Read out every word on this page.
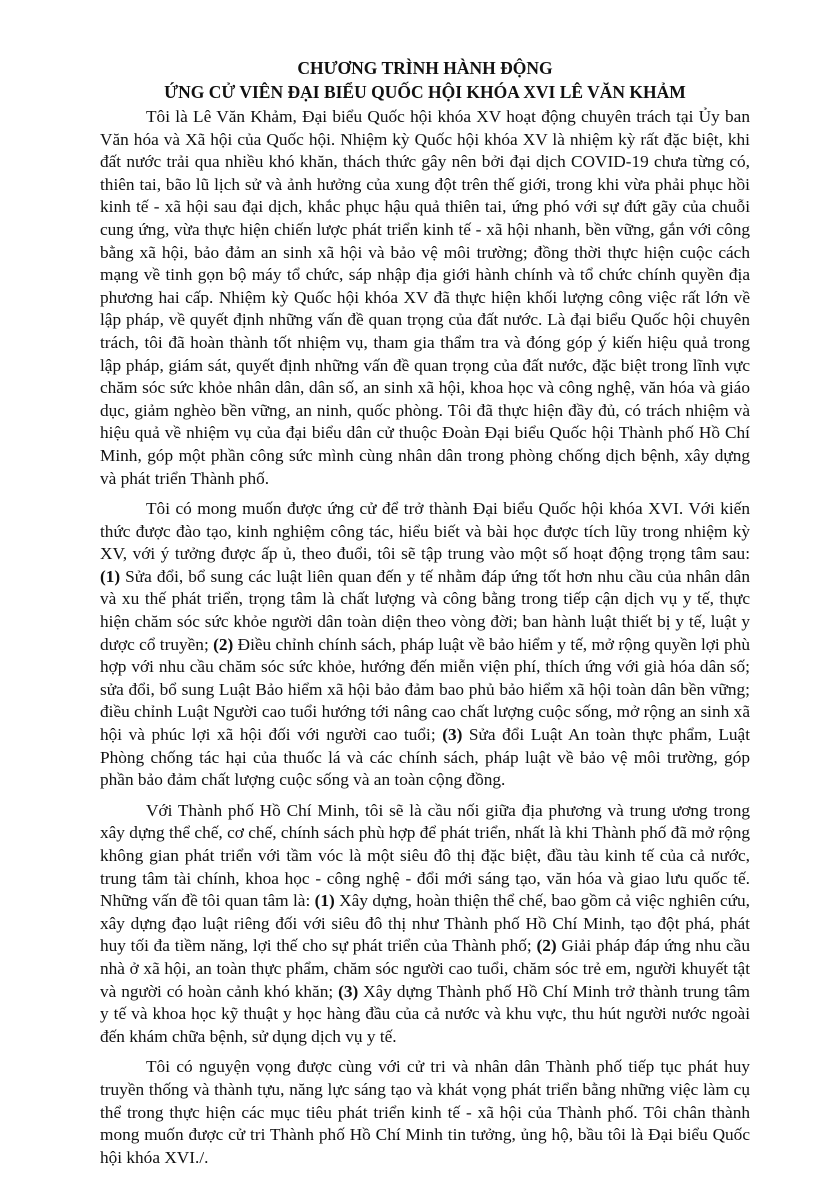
CHƯƠNG TRÌNH HÀNH ĐỘNG

ỨNG CỬ VIÊN ĐẠI BIỂU QUỐC HỘI KHÓA XVI LÊ VĂN KHẢM

Tôi là Lê Văn Khảm, Đại biểu Quốc hội khóa XV hoạt động chuyên trách tại Ủy ban Văn hóa và Xã hội của Quốc hội. Nhiệm kỳ Quốc hội khóa XV là nhiệm kỳ rất đặc biệt, khi đất nước trải qua nhiều khó khăn, thách thức gây nên bởi đại dịch COVID-19 chưa từng có, thiên tai, bão lũ lịch sử và ảnh hưởng của xung đột trên thế giới, trong khi vừa phải phục hồi kinh tế - xã hội sau đại dịch, khắc phục hậu quả thiên tai, ứng phó với sự đứt gãy của chuỗi cung ứng, vừa thực hiện chiến lược phát triển kinh tế - xã hội nhanh, bền vững, gắn với công bằng xã hội, bảo đảm an sinh xã hội và bảo vệ môi trường; đồng thời thực hiện cuộc cách mạng về tinh gọn bộ máy tổ chức, sáp nhập địa giới hành chính và tổ chức chính quyền địa phương hai cấp. Nhiệm kỳ Quốc hội khóa XV đã thực hiện khối lượng công việc rất lớn về lập pháp, về quyết định những vấn đề quan trọng của đất nước. Là đại biểu Quốc hội chuyên trách, tôi đã hoàn thành tốt nhiệm vụ, tham gia thẩm tra và đóng góp ý kiến hiệu quả trong lập pháp, giám sát, quyết định những vấn đề quan trọng của đất nước, đặc biệt trong lĩnh vực chăm sóc sức khỏe nhân dân, dân số, an sinh xã hội, khoa học và công nghệ, văn hóa và giáo dục, giảm nghèo bền vững, an ninh, quốc phòng. Tôi đã thực hiện đầy đủ, có trách nhiệm và hiệu quả về nhiệm vụ của đại biểu dân cử thuộc Đoàn Đại biểu Quốc hội Thành phố Hồ Chí Minh, góp một phần công sức mình cùng nhân dân trong phòng chống dịch bệnh, xây dựng và phát triển Thành phố.

Tôi có mong muốn được ứng cử để trở thành Đại biểu Quốc hội khóa XVI. Với kiến thức được đào tạo, kinh nghiệm công tác, hiểu biết và bài học được tích lũy trong nhiệm kỳ XV, với ý tưởng được ấp ủ, theo đuổi, tôi sẽ tập trung vào một số hoạt động trọng tâm sau: (1) Sửa đổi, bổ sung các luật liên quan đến y tế nhằm đáp ứng tốt hơn nhu cầu của nhân dân và xu thế phát triển, trọng tâm là chất lượng và công bằng trong tiếp cận dịch vụ y tế, thực hiện chăm sóc sức khỏe người dân toàn diện theo vòng đời; ban hành luật thiết bị y tế, luật y dược cổ truyền; (2) Điều chỉnh chính sách, pháp luật về bảo hiểm y tế, mở rộng quyền lợi phù hợp với nhu cầu chăm sóc sức khỏe, hướng đến miễn viện phí, thích ứng với già hóa dân số; sửa đổi, bổ sung Luật Bảo hiểm xã hội bảo đảm bao phủ bảo hiểm xã hội toàn dân bền vững; điều chỉnh Luật Người cao tuổi hướng tới nâng cao chất lượng cuộc sống, mở rộng an sinh xã hội và phúc lợi xã hội đối với người cao tuổi; (3) Sửa đổi Luật An toàn thực phẩm, Luật Phòng chống tác hại của thuốc lá và các chính sách, pháp luật về bảo vệ môi trường, góp phần bảo đảm chất lượng cuộc sống và an toàn cộng đồng.

Với Thành phố Hồ Chí Minh, tôi sẽ là cầu nối giữa địa phương và trung ương trong xây dựng thể chế, cơ chế, chính sách phù hợp để phát triển, nhất là khi Thành phố đã mở rộng không gian phát triển với tầm vóc là một siêu đô thị đặc biệt, đầu tàu kinh tế của cả nước, trung tâm tài chính, khoa học - công nghệ - đổi mới sáng tạo, văn hóa và giao lưu quốc tế. Những vấn đề tôi quan tâm là: (1) Xây dựng, hoàn thiện thể chế, bao gồm cả việc nghiên cứu, xây dựng đạo luật riêng đối với siêu đô thị như Thành phố Hồ Chí Minh, tạo đột phá, phát huy tối đa tiềm năng, lợi thế cho sự phát triển của Thành phố; (2) Giải pháp đáp ứng nhu cầu nhà ở xã hội, an toàn thực phẩm, chăm sóc người cao tuổi, chăm sóc trẻ em, người khuyết tật và người có hoàn cảnh khó khăn; (3) Xây dựng Thành phố Hồ Chí Minh trở thành trung tâm y tế và khoa học kỹ thuật y học hàng đầu của cả nước và khu vực, thu hút người nước ngoài đến khám chữa bệnh, sử dụng dịch vụ y tế.

Tôi có nguyện vọng được cùng với cử tri và nhân dân Thành phố tiếp tục phát huy truyền thống và thành tựu, năng lực sáng tạo và khát vọng phát triển bằng những việc làm cụ thể trong thực hiện các mục tiêu phát triển kinh tế - xã hội của Thành phố. Tôi chân thành mong muốn được cử tri Thành phố Hồ Chí Minh tin tưởng, ủng hộ, bầu tôi là Đại biểu Quốc hội khóa XVI./.
